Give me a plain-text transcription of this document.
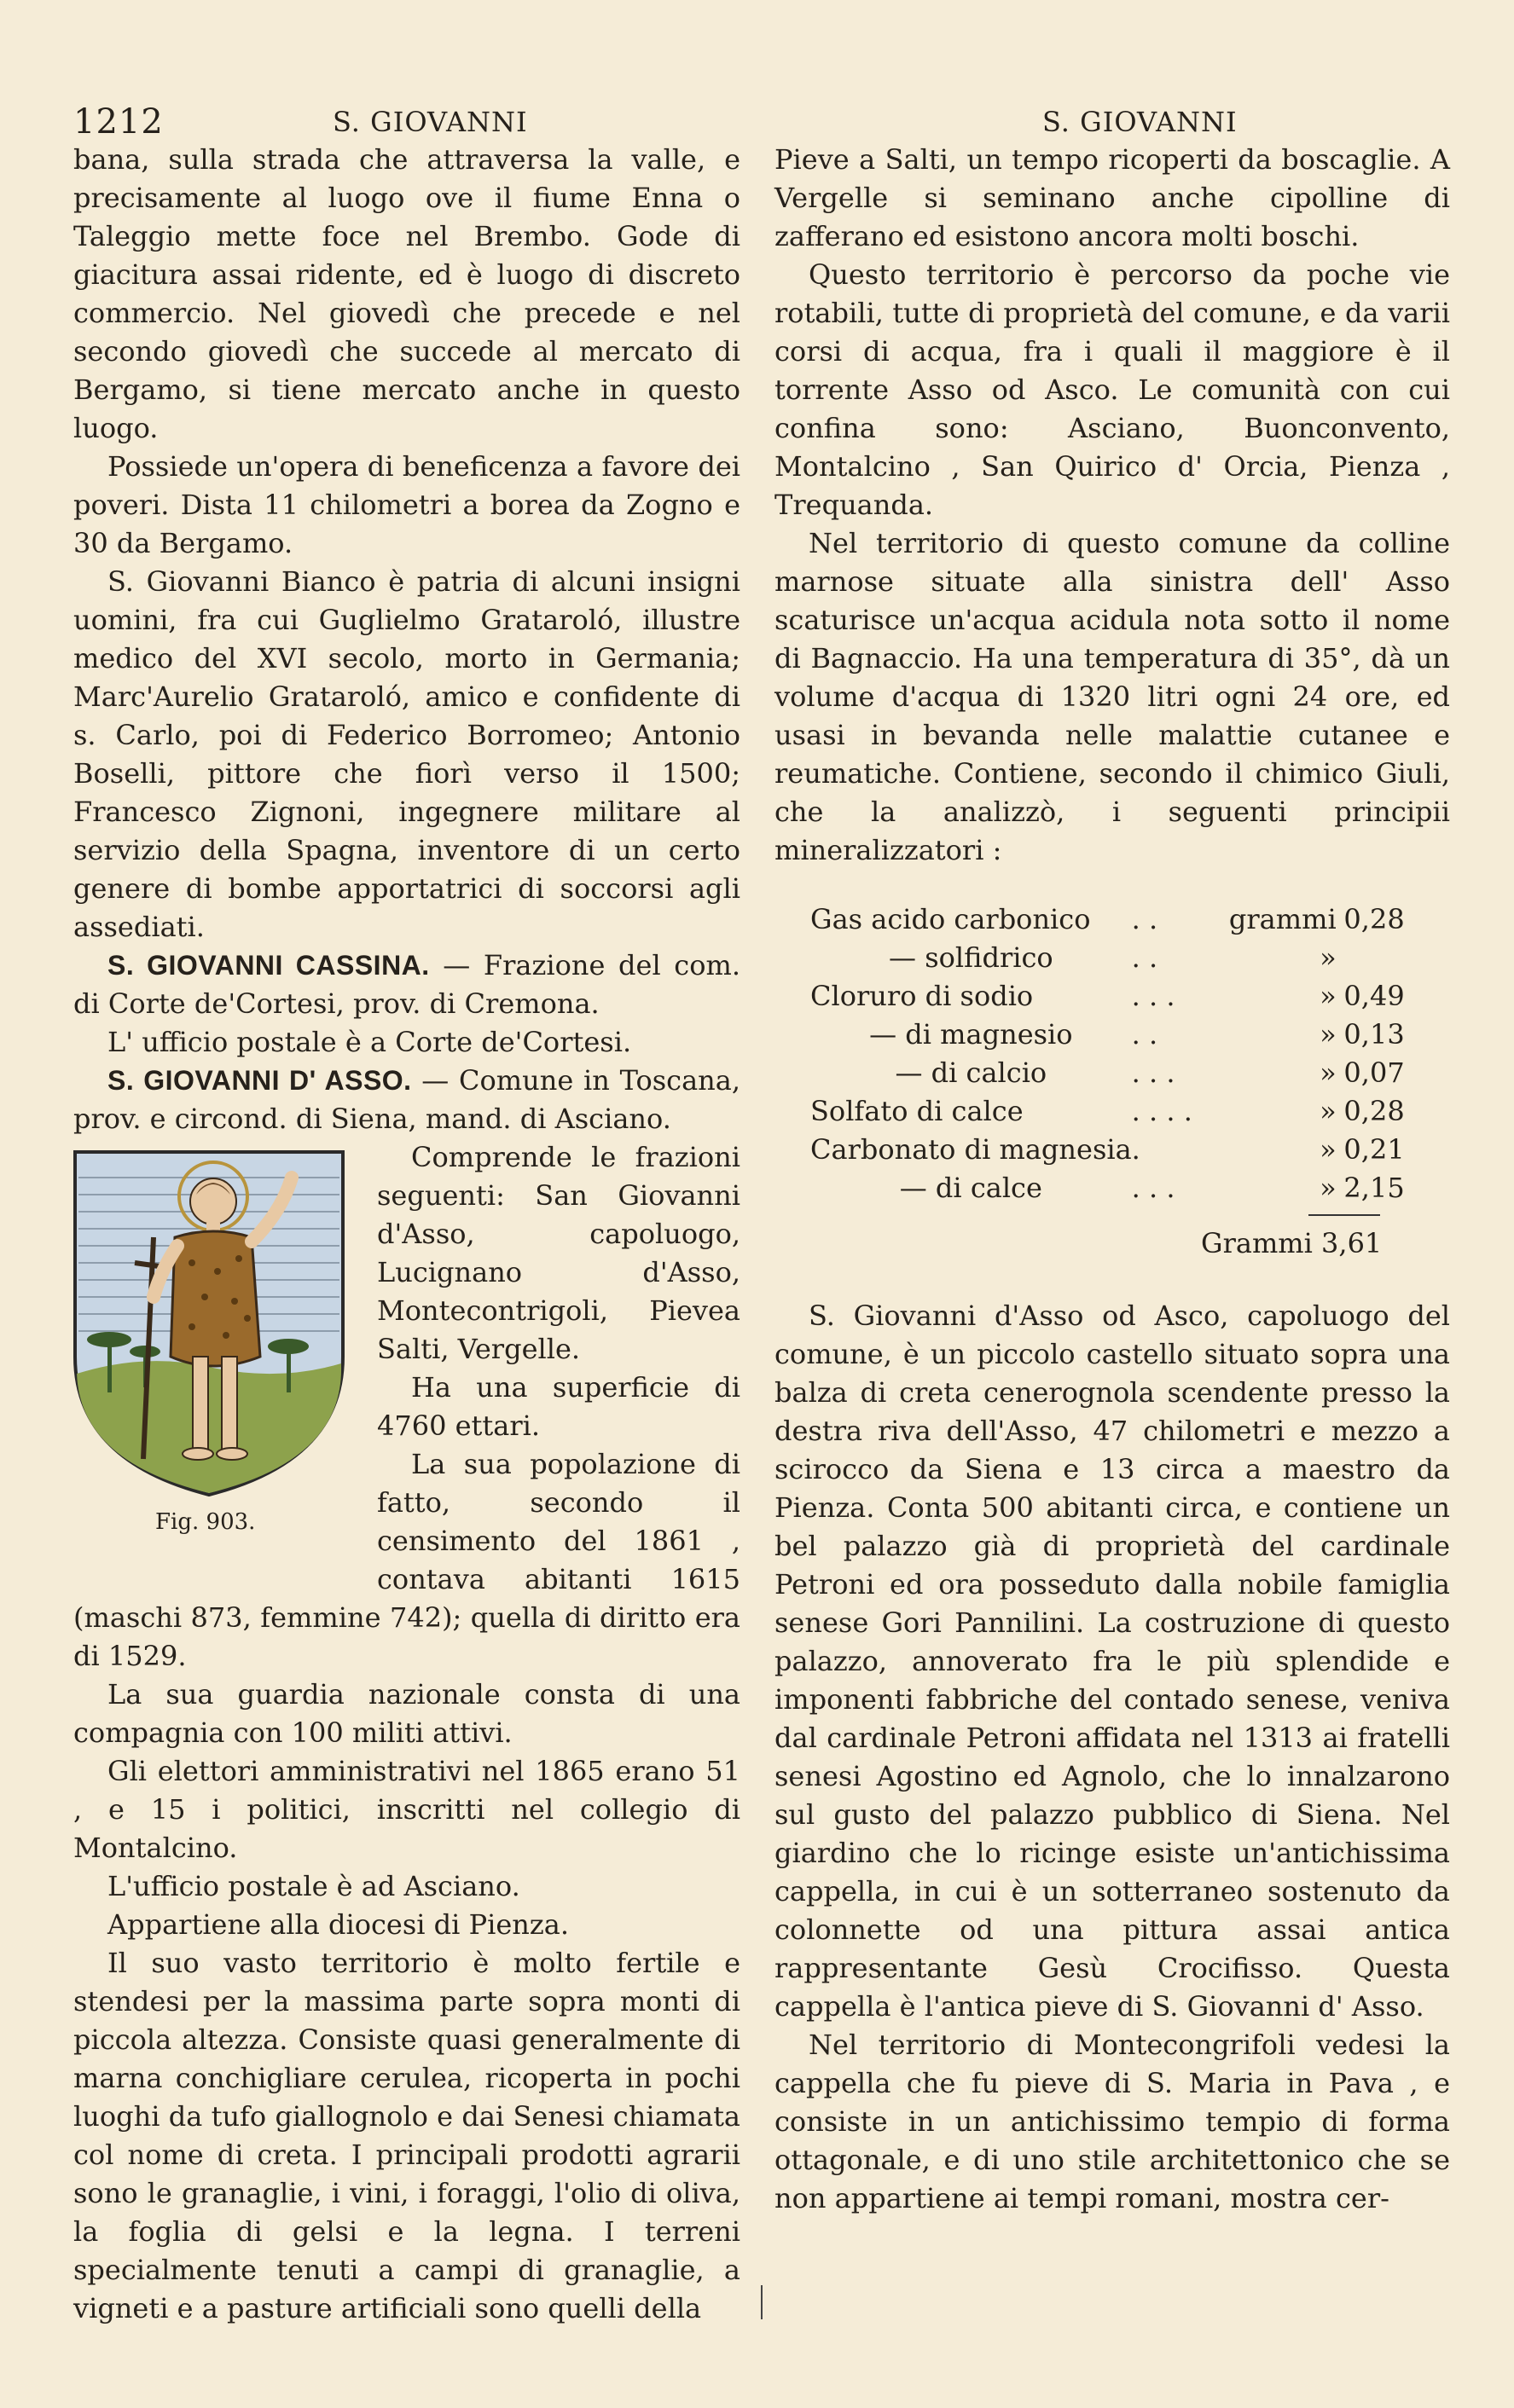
1212	S. GIOVANNI	S. GIOVANNI

bana, sulla strada che attraversa la valle, e precisamente al luogo ove il fiume Enna o Taleggio mette foce nel Brembo. Gode di giacitura assai ridente, ed è luogo di discreto commercio. Nel giovedì che precede e nel secondo giovedì che succede al mercato di Bergamo, si tiene mercato anche in questo luogo.

Possiede un'opera di beneficenza a favore dei poveri. Dista 11 chilometri a borea da Zogno e 30 da Bergamo.

S. Giovanni Bianco è patria di alcuni insigni uomini, fra cui Guglielmo Grataroló, illustre medico del XVI secolo, morto in Germania; Marc'Aurelio Grataroló, amico e confidente di s. Carlo, poi di Federico Borromeo; Antonio Boselli, pittore che fiorì verso il 1500; Francesco Zignoni, ingegnere militare al servizio della Spagna, inventore di un certo genere di bombe apportatrici di soccorsi agli assediati.

S. GIOVANNI CASSINA. — Frazione del com. di Corte de'Cortesi, prov. di Cremona.

L' ufficio postale è a Corte de'Cortesi.

S. GIOVANNI D' ASSO. — Comune in Toscana, prov. e circond. di Siena, mand. di Asciano.

Fig. 903.

Comprende le frazioni seguenti: San Giovanni d'Asso, capoluogo, Lucignano d'Asso, Montecontrigoli, Pievea Salti, Vergelle.

Ha una superficie di 4760 ettari.

La sua popolazione di fatto, secondo il censimento del 1861 , contava abitanti 1615 (maschi 873, femmine 742); quella di diritto era di 1529.

La sua guardia nazionale consta di una compagnia con 100 militi attivi.

Gli elettori amministrativi nel 1865 erano 51 , e 15 i politici, inscritti nel collegio di Montalcino.

L'ufficio postale è ad Asciano.

Appartiene alla diocesi di Pienza.

Il suo vasto territorio è molto fertile e stendesi per la massima parte sopra monti di piccola altezza. Consiste quasi generalmente di marna conchigliare cerulea, ricoperta in pochi luoghi da tufo giallognolo e dai Senesi chiamata col nome di creta. I principali prodotti agrarii sono le granaglie, i vini, i foraggi, l'olio di oliva, la foglia di gelsi e la legna. I terreni specialmente tenuti a campi di granaglie, a vigneti e a pasture artificiali sono quelli della

Pieve a Salti, un tempo ricoperti da boscaglie. A Vergelle si seminano anche cipolline di zafferano ed esistono ancora molti boschi.

Questo territorio è percorso da poche vie rotabili, tutte di proprietà del comune, e da varii corsi di acqua, fra i quali il maggiore è il torrente Asso od Asco. Le comunità con cui confina sono: Asciano, Buonconvento, Montalcino , San Quirico d' Orcia, Pienza , Trequanda.

Nel territorio di questo comune da colline marnose situate alla sinistra dell' Asso scaturisce un'acqua acidula nota sotto il nome di Bagnaccio. Ha una temperatura di 35°, dà un volume d'acqua di 1320 litri ogni 24 ore, ed usasi in bevanda nelle malattie cutanee e reumatiche. Contiene, secondo il chimico Giuli, che la analizzò, i seguenti principii mineralizzatori :

Gas acido carbonico	. .	grammi	0,28
— solfidrico	. .	»	
Cloruro di sodio	. . .	»	0,49
— di magnesio	. .	»	0,13
— di calcio	. . .	»	0,07
Solfato di calce	. . . .	»	0,28
Carbonato di magnesia	.	»	0,21
— di calce	. . .	»	2,15
Grammi 3,61

S. Giovanni d'Asso od Asco, capoluogo del comune, è un piccolo castello situato sopra una balza di creta cenerognola scendente presso la destra riva dell'Asso, 47 chilometri e mezzo a scirocco da Siena e 13 circa a maestro da Pienza. Conta 500 abitanti circa, e contiene un bel palazzo già di proprietà del cardinale Petroni ed ora posseduto dalla nobile famiglia senese Gori Pannilini. La costruzione di questo palazzo, annoverato fra le più splendide e imponenti fabbriche del contado senese, veniva dal cardinale Petroni affidata nel 1313 ai fratelli senesi Agostino ed Agnolo, che lo innalzarono sul gusto del palazzo pubblico di Siena. Nel giardino che lo ricinge esiste un'antichissima cappella, in cui è un sotterraneo sostenuto da colonnette od una pittura assai antica rappresentante Gesù Crocifisso. Questa cappella è l'antica pieve di S. Giovanni d' Asso.

Nel territorio di Montecongrifoli vedesi la cappella che fu pieve di S. Maria in Pava , e consiste in un antichissimo tempio di forma ottagonale, e di uno stile architettonico che se non appartiene ai tempi romani, mostra cer-
